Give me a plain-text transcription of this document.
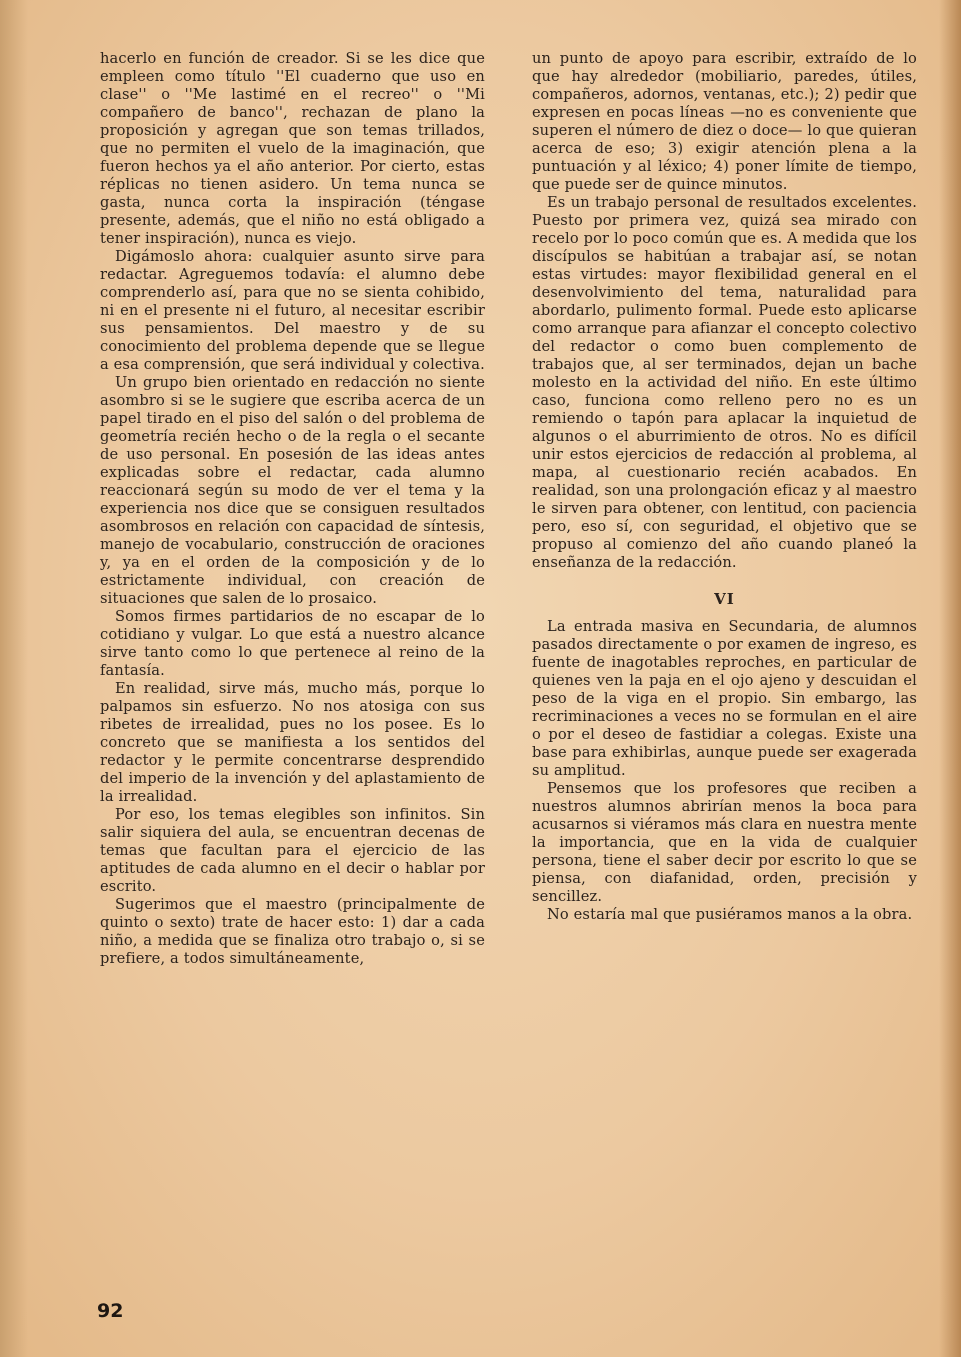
hacerlo en función de creador. Si se les dice que empleen como título ''El cuaderno que uso en clase'' o ''Me lastimé en el recreo'' o ''Mi compañero de banco'', rechazan de plano la proposición y agregan que son temas trillados, que no permiten el vuelo de la imaginación, que fueron hechos ya el año anterior. Por cierto, estas réplicas no tienen asidero. Un tema nunca se gasta, nunca corta la inspiración (téngase presente, además, que el niño no está obligado a tener inspiración), nunca es viejo.

Digámoslo ahora: cualquier asunto sirve para redactar. Agreguemos todavía: el alumno debe comprenderlo así, para que no se sienta cohibido, ni en el presente ni el futuro, al necesitar escribir sus pensamientos. Del maestro y de su conocimiento del problema depende que se llegue a esa comprensión, que será individual y colectiva.

Un grupo bien orientado en redacción no siente asombro si se le sugiere que escriba acerca de un papel tirado en el piso del salón o del problema de geometría recién hecho o de la regla o el secante de uso personal. En posesión de las ideas antes explicadas sobre el redactar, cada alumno reaccionará según su modo de ver el tema y la experiencia nos dice que se consiguen resultados asombrosos en relación con capacidad de síntesis, manejo de vocabulario, construcción de oraciones y, ya en el orden de la composición y de lo estrictamente individual, con creación de situaciones que salen de lo prosaico.

Somos firmes partidarios de no escapar de lo cotidiano y vulgar. Lo que está a nuestro alcance sirve tanto como lo que pertenece al reino de la fantasía.

En realidad, sirve más, mucho más, porque lo palpamos sin esfuerzo. No nos atosiga con sus ribetes de irrealidad, pues no los posee. Es lo concreto que se manifiesta a los sentidos del redactor y le permite concentrarse desprendido del imperio de la invención y del aplastamiento de la irrealidad.

Por eso, los temas elegibles son infinitos. Sin salir siquiera del aula, se encuentran decenas de temas que facultan para el ejercicio de las aptitudes de cada alumno en el decir o hablar por escrito.

Sugerimos que el maestro (principalmente de quinto o sexto) trate de hacer esto: 1) dar a cada niño, a medida que se finaliza otro trabajo o, si se prefiere, a todos simultáneamente,

un punto de apoyo para escribir, extraído de lo que hay alrededor (mobiliario, paredes, útiles, compañeros, adornos, ventanas, etc.); 2) pedir que expresen en pocas líneas —no es conveniente que superen el número de diez o doce— lo que quieran acerca de eso; 3) exigir atención plena a la puntuación y al léxico; 4) poner límite de tiempo, que puede ser de quince minutos.

Es un trabajo personal de resultados excelentes. Puesto por primera vez, quizá sea mirado con recelo por lo poco común que es. A medida que los discípulos se habitúan a trabajar así, se notan estas virtudes: mayor flexibilidad general en el desenvolvimiento del tema, naturalidad para abordarlo, pulimento formal. Puede esto aplicarse como arranque para afianzar el concepto colectivo del redactor o como buen complemento de trabajos que, al ser terminados, dejan un bache molesto en la actividad del niño. En este último caso, funciona como relleno pero no es un remiendo o tapón para aplacar la inquietud de algunos o el aburrimiento de otros. No es difícil unir estos ejercicios de redacción al problema, al mapa, al cuestionario recién acabados. En realidad, son una prolongación eficaz y al maestro le sirven para obtener, con lentitud, con paciencia pero, eso sí, con seguridad, el objetivo que se propuso al comienzo del año cuando planeó la enseñanza de la redacción.

VI

La entrada masiva en Secundaria, de alumnos pasados directamente o por examen de ingreso, es fuente de inagotables reproches, en particular de quienes ven la paja en el ojo ajeno y descuidan el peso de la viga en el propio. Sin embargo, las recriminaciones a veces no se formulan en el aire o por el deseo de fastidiar a colegas. Existe una base para exhibirlas, aunque puede ser exagerada su amplitud.

Pensemos que los profesores que reciben a nuestros alumnos abrirían menos la boca para acusarnos si viéramos más clara en nuestra mente la importancia, que en la vida de cualquier persona, tiene el saber decir por escrito lo que se piensa, con diafanidad, orden, precisión y sencillez.

No estaría mal que pusiéramos manos a la obra.

92
